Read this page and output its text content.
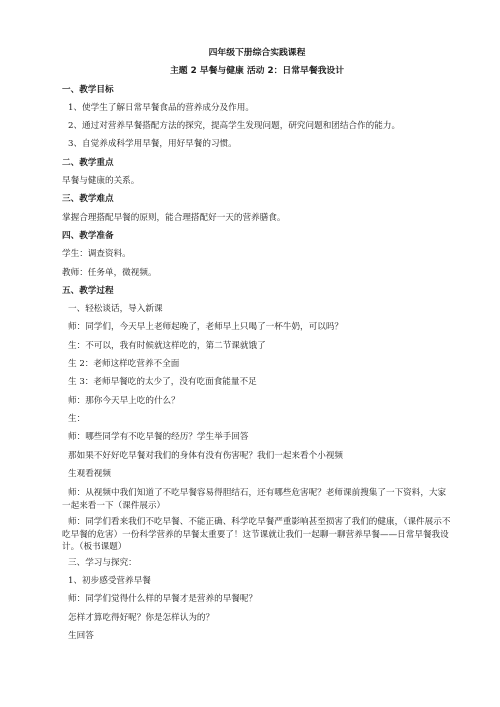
四年级下册综合实践课程
主题 2 早餐与健康 活动 2：日常早餐我设计
一、教学目标
1、使学生了解日常早餐食品的营养成分及作用。
2、通过对营养早餐搭配方法的探究，提高学生发现问题，研究问题和团结合作的能力。
3、自觉养成科学用早餐，用好早餐的习惯。
二、教学重点
早餐与健康的关系。
三、教学难点
掌握合理搭配早餐的原则，能合理搭配好一天的营养膳食。
四、教学准备
学生：调查资料。
教师：任务单，微视频。
五、教学过程
一、轻松谈话，导入新课
师：同学们，今天早上老师起晚了，老师早上只喝了一杯牛奶，可以吗？
生：不可以，我有时候就这样吃的，第二节课就饿了
生 2：老师这样吃营养不全面
生 3：老师早餐吃的太少了，没有吃面食能量不足
师：那你今天早上吃的什么？
生：
师：哪些同学有不吃早餐的经历？学生举手回答
那如果不好好吃早餐对我们的身体有没有伤害呢？我们一起来看个小视频
生观看视频
师：从视频中我们知道了不吃早餐容易得胆结石，还有哪些危害呢？老师课前搜集了一下资料，大家一起来看一下（课件展示）
师：同学们看来我们不吃早餐、不能正确、科学吃早餐严重影响甚至损害了我们的健康，（课件展示不吃早餐的危害）一份科学营养的早餐太重要了！这节课就让我们一起聊一聊营养早餐——日常早餐我设计。（板书课题）
三、学习与探究：
1、初步感受营养早餐
师：同学们觉得什么样的早餐才是营养的早餐呢？
怎样才算吃得好呢？你是怎样认为的？
生回答
